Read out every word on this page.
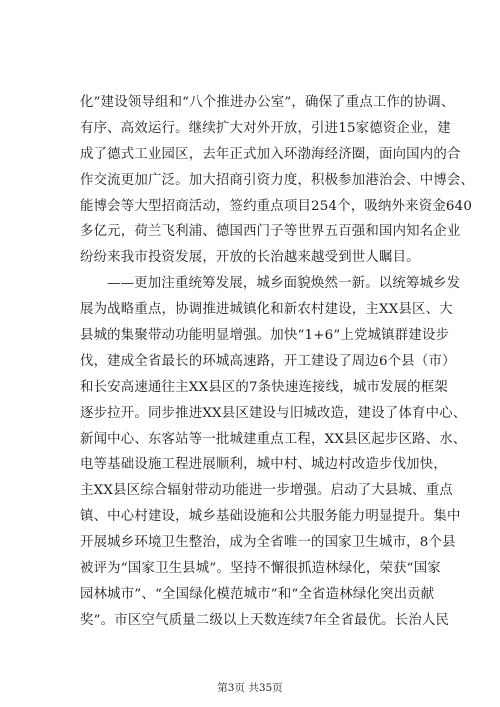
化”建设领导组和“八个推进办公室”，确保了重点工作的协调、
有序、高效运行。继续扩大对外开放，引进15家德资企业，建
成了德式工业园区，去年正式加入环渤海经济圈，面向国内的合
作交流更加广泛。加大招商引资力度，积极参加港治会、中博会、
能博会等大型招商活动，签约重点项目254个，吸纳外来资金640
多亿元，荷兰飞利浦、德国西门子等世界五百强和国内知名企业
纷纷来我市投资发展，开放的长治越来越受到世人瞩目。
——更加注重统筹发展，城乡面貌焕然一新。以统筹城乡发
展为战略重点，协调推进城镇化和新农村建设，主XX县区、大
县城的集聚带动功能明显增强。加快“1+6”上党城镇群建设步
伐，建成全省最长的环城高速路，开工建设了周边6个县（市）
和长安高速通往主XX县区的7条快速连接线，城市发展的框架
逐步拉开。同步推进XX县区建设与旧城改造，建设了体育中心、
新闻中心、东客站等一批城建重点工程，XX县区起步区路、水、
电等基础设施工程进展顺利，城中村、城边村改造步伐加快，
主XX县区综合辐射带动功能进一步增强。启动了大县城、重点
镇、中心村建设，城乡基础设施和公共服务能力明显提升。集中
开展城乡环境卫生整治，成为全省唯一的国家卫生城市，8个县
被评为“国家卫生县城”。坚持不懈很抓造林绿化，荣获“国家
园林城市”、“全国绿化模范城市”和“全省造林绿化突出贡献
奖”。市区空气质量二级以上天数连续7年全省最优。长治人民
第3页 共35页
